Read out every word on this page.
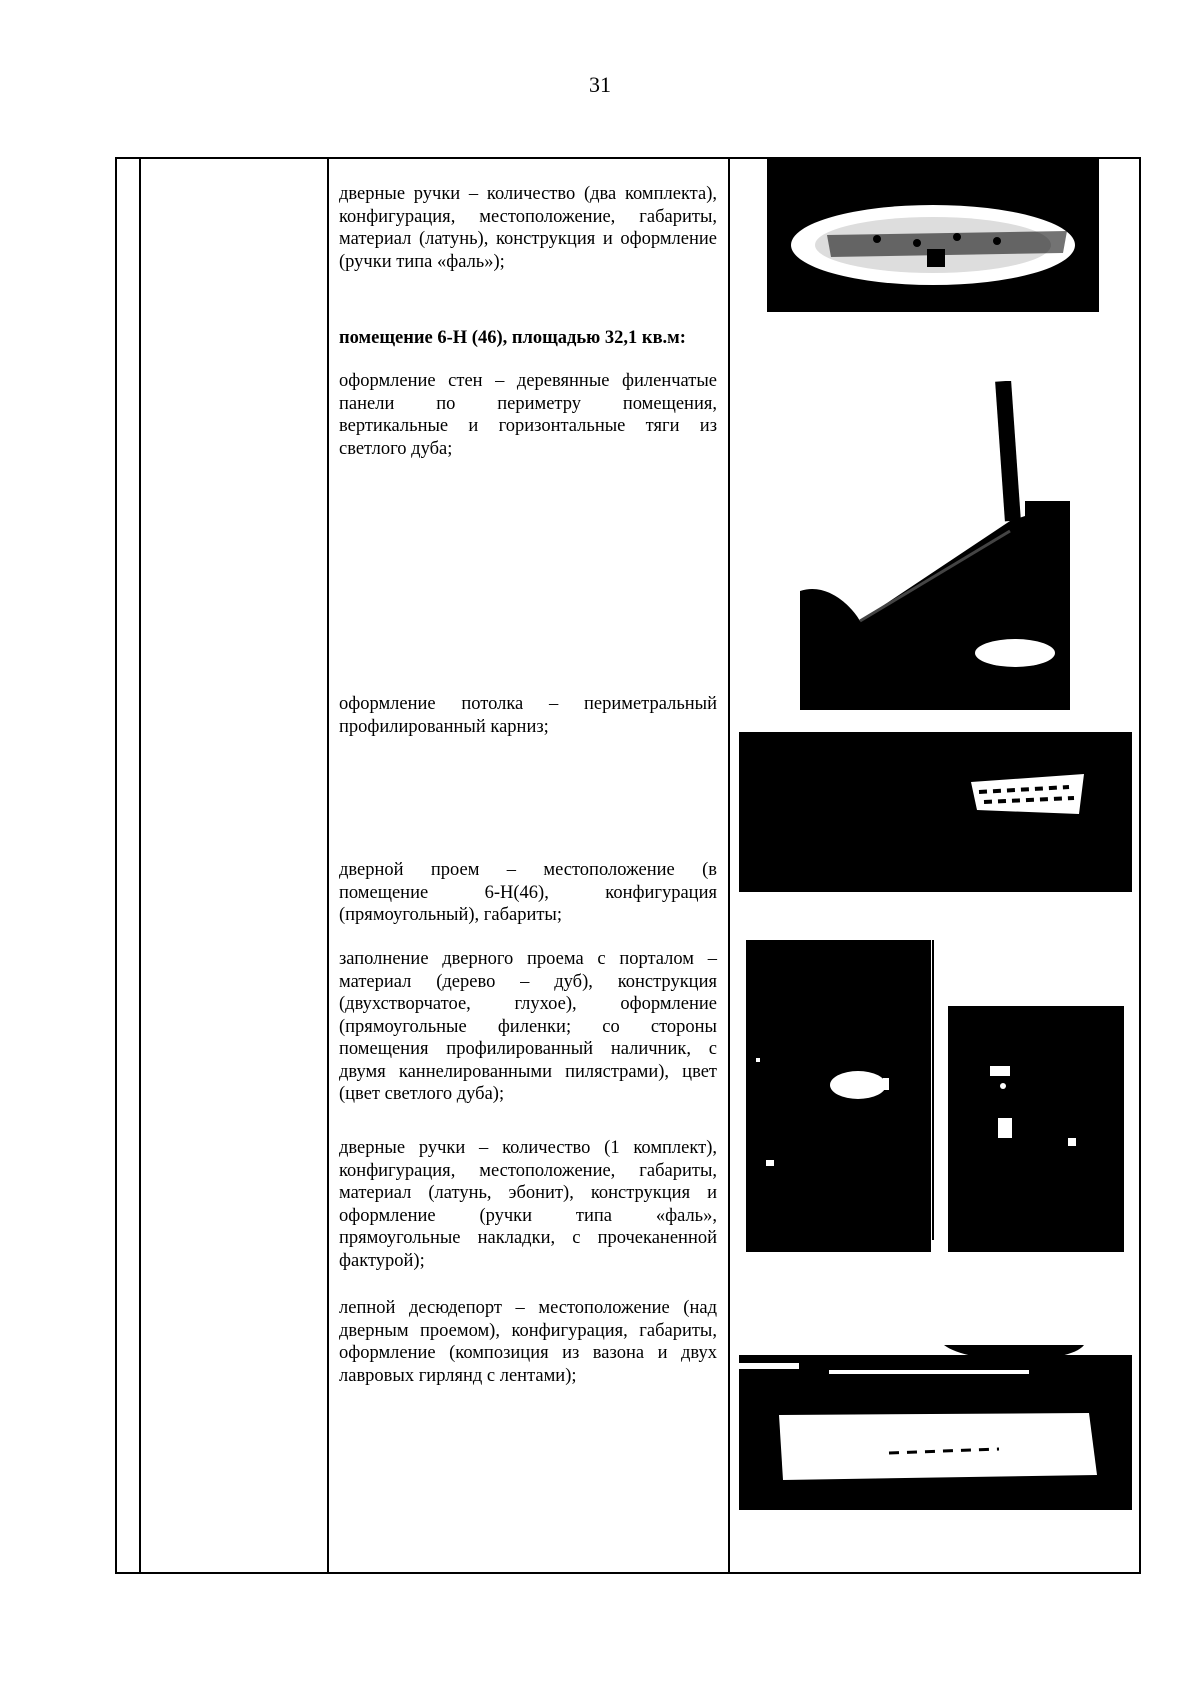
31
дверные ручки – количество (два комплекта), конфигурация, местоположение, габариты, материал (латунь), конструкция и оформление (ручки типа «фаль»);
помещение 6-Н (46), площадью 32,1 кв.м:
оформление стен – деревянные филенчатые панели по периметру помещения, вертикальные и горизонтальные тяги из светлого дуба;
оформление потолка – периметральный профилированный карниз;
дверной проем – местоположение (в помещение 6-Н(46), конфигурация (прямоугольный), габариты;
заполнение дверного проема с порталом – материал (дерево – дуб), конструкция (двухстворчатое, глухое), оформление (прямоугольные филенки; со стороны помещения профилированный наличник, с двумя каннелированными пилястрами), цвет (цвет светлого дуба);
дверные ручки – количество (1 комплект), конфигурация, местоположение, габариты, материал (латунь, эбонит), конструкция и оформление (ручки типа «фаль», прямоугольные накладки, с прочеканенной фактурой);
лепной десюдепорт – местоположение (над дверным проемом), конфигурация, габариты, оформление (композиция из вазона и двух лавровых гирлянд с лентами);
